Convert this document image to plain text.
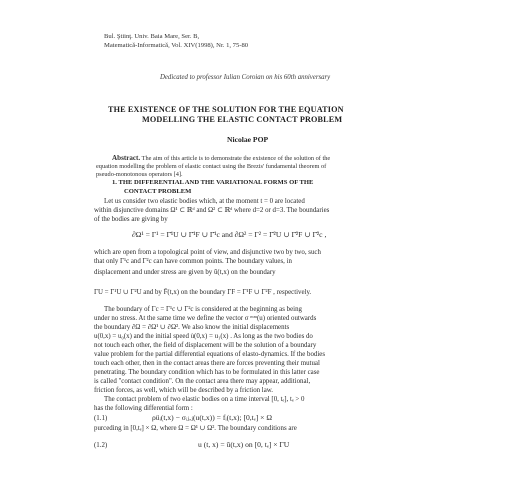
Bul. Ştiinţ. Univ. Baia Mare, Ser. B,
Matematică-Informatică, Vol. XIV(1998), Nr. 1, 75-80
Dedicated to professor Iulian Coroian on his 60th anniversary
THE EXISTENCE OF THE SOLUTION FOR THE EQUATION
MODELLING THE ELASTIC CONTACT PROBLEM
Nicolae POP
Abstract. The aim of this article is to demonstrate the existence of the solution of the
equation modelling the problem of elastic contact using the Brezis' fundamental theorem of
pseudo-monotonous operators [4].
1. THE DIFFERENTIAL AND THE VARIATIONAL FORMS OF THE
CONTACT PROBLEM
Let us consider two elastic bodies which, at the moment t = 0 are located
within disjunctive domains Ω¹ ⊂ ℝᵈ and Ω² ⊂ ℝᵈ where d=2 or d=3. The boundaries
of the bodies are giving by
∂Ω¹ = Γ¹ = Γ̄¹U ∪ Γ̄¹F ∪ Γ̄¹c and ∂Ω² = Γ² = Γ̄²U ∪ Γ̄²F ∪ Γ̄²c ,
which are open from a topological point of view, and disjunctive two by two, such
that only Γ¹c and Γ²c can have common points. The boundary values, in
displacement and under stress are given by ū(t,x) on the boundary
ΓU = Γ¹U ∪ Γ²U and by F̄(t,x) on the boundary ΓF = Γ¹F ∪ Γ²F , respectively.
The boundary of Γc = Γ¹c ∪ Γ²c is considered at the beginning as being
under no stress. At the same time we define the vector σ ᵐᵐ(u) oriented outwards
the boundary ∂Ω = ∂Ω¹ ∪ ∂Ω². We also know the initial displacements
u(0,x) = u₀(x) and the initial speed u̇(0,x) = u₁(x) . As long as the two bodies do
not touch each other, the field of displacement will be the solution of a boundary
value problem for the partial differential equations of elasto-dynamics. If the bodies
touch each other, then in the contact areas there are forces preventing their mutual
penetrating. The boundary condition which has to be formulated in this latter case
is called "contact condition". On the contact area there may appear, additional,
friction forces, as well, which will be described by a friction law.
The contact problem of two elastic bodies on a time interval [0, tₑ], tₑ > 0
has the following differential form :
(1.1)	ρüᵢ(t,x) − σᵢⱼ,ⱼ(u(t,x)) = fᵢ(t,x); [0,tₑ] × Ω
purceding in [0,tₑ] × Ω, where Ω = Ω¹ ∪ Ω². The boundary conditions are
(1.2)	u (t, x) = ū(t,x) on [0, tₑ] × ΓU
